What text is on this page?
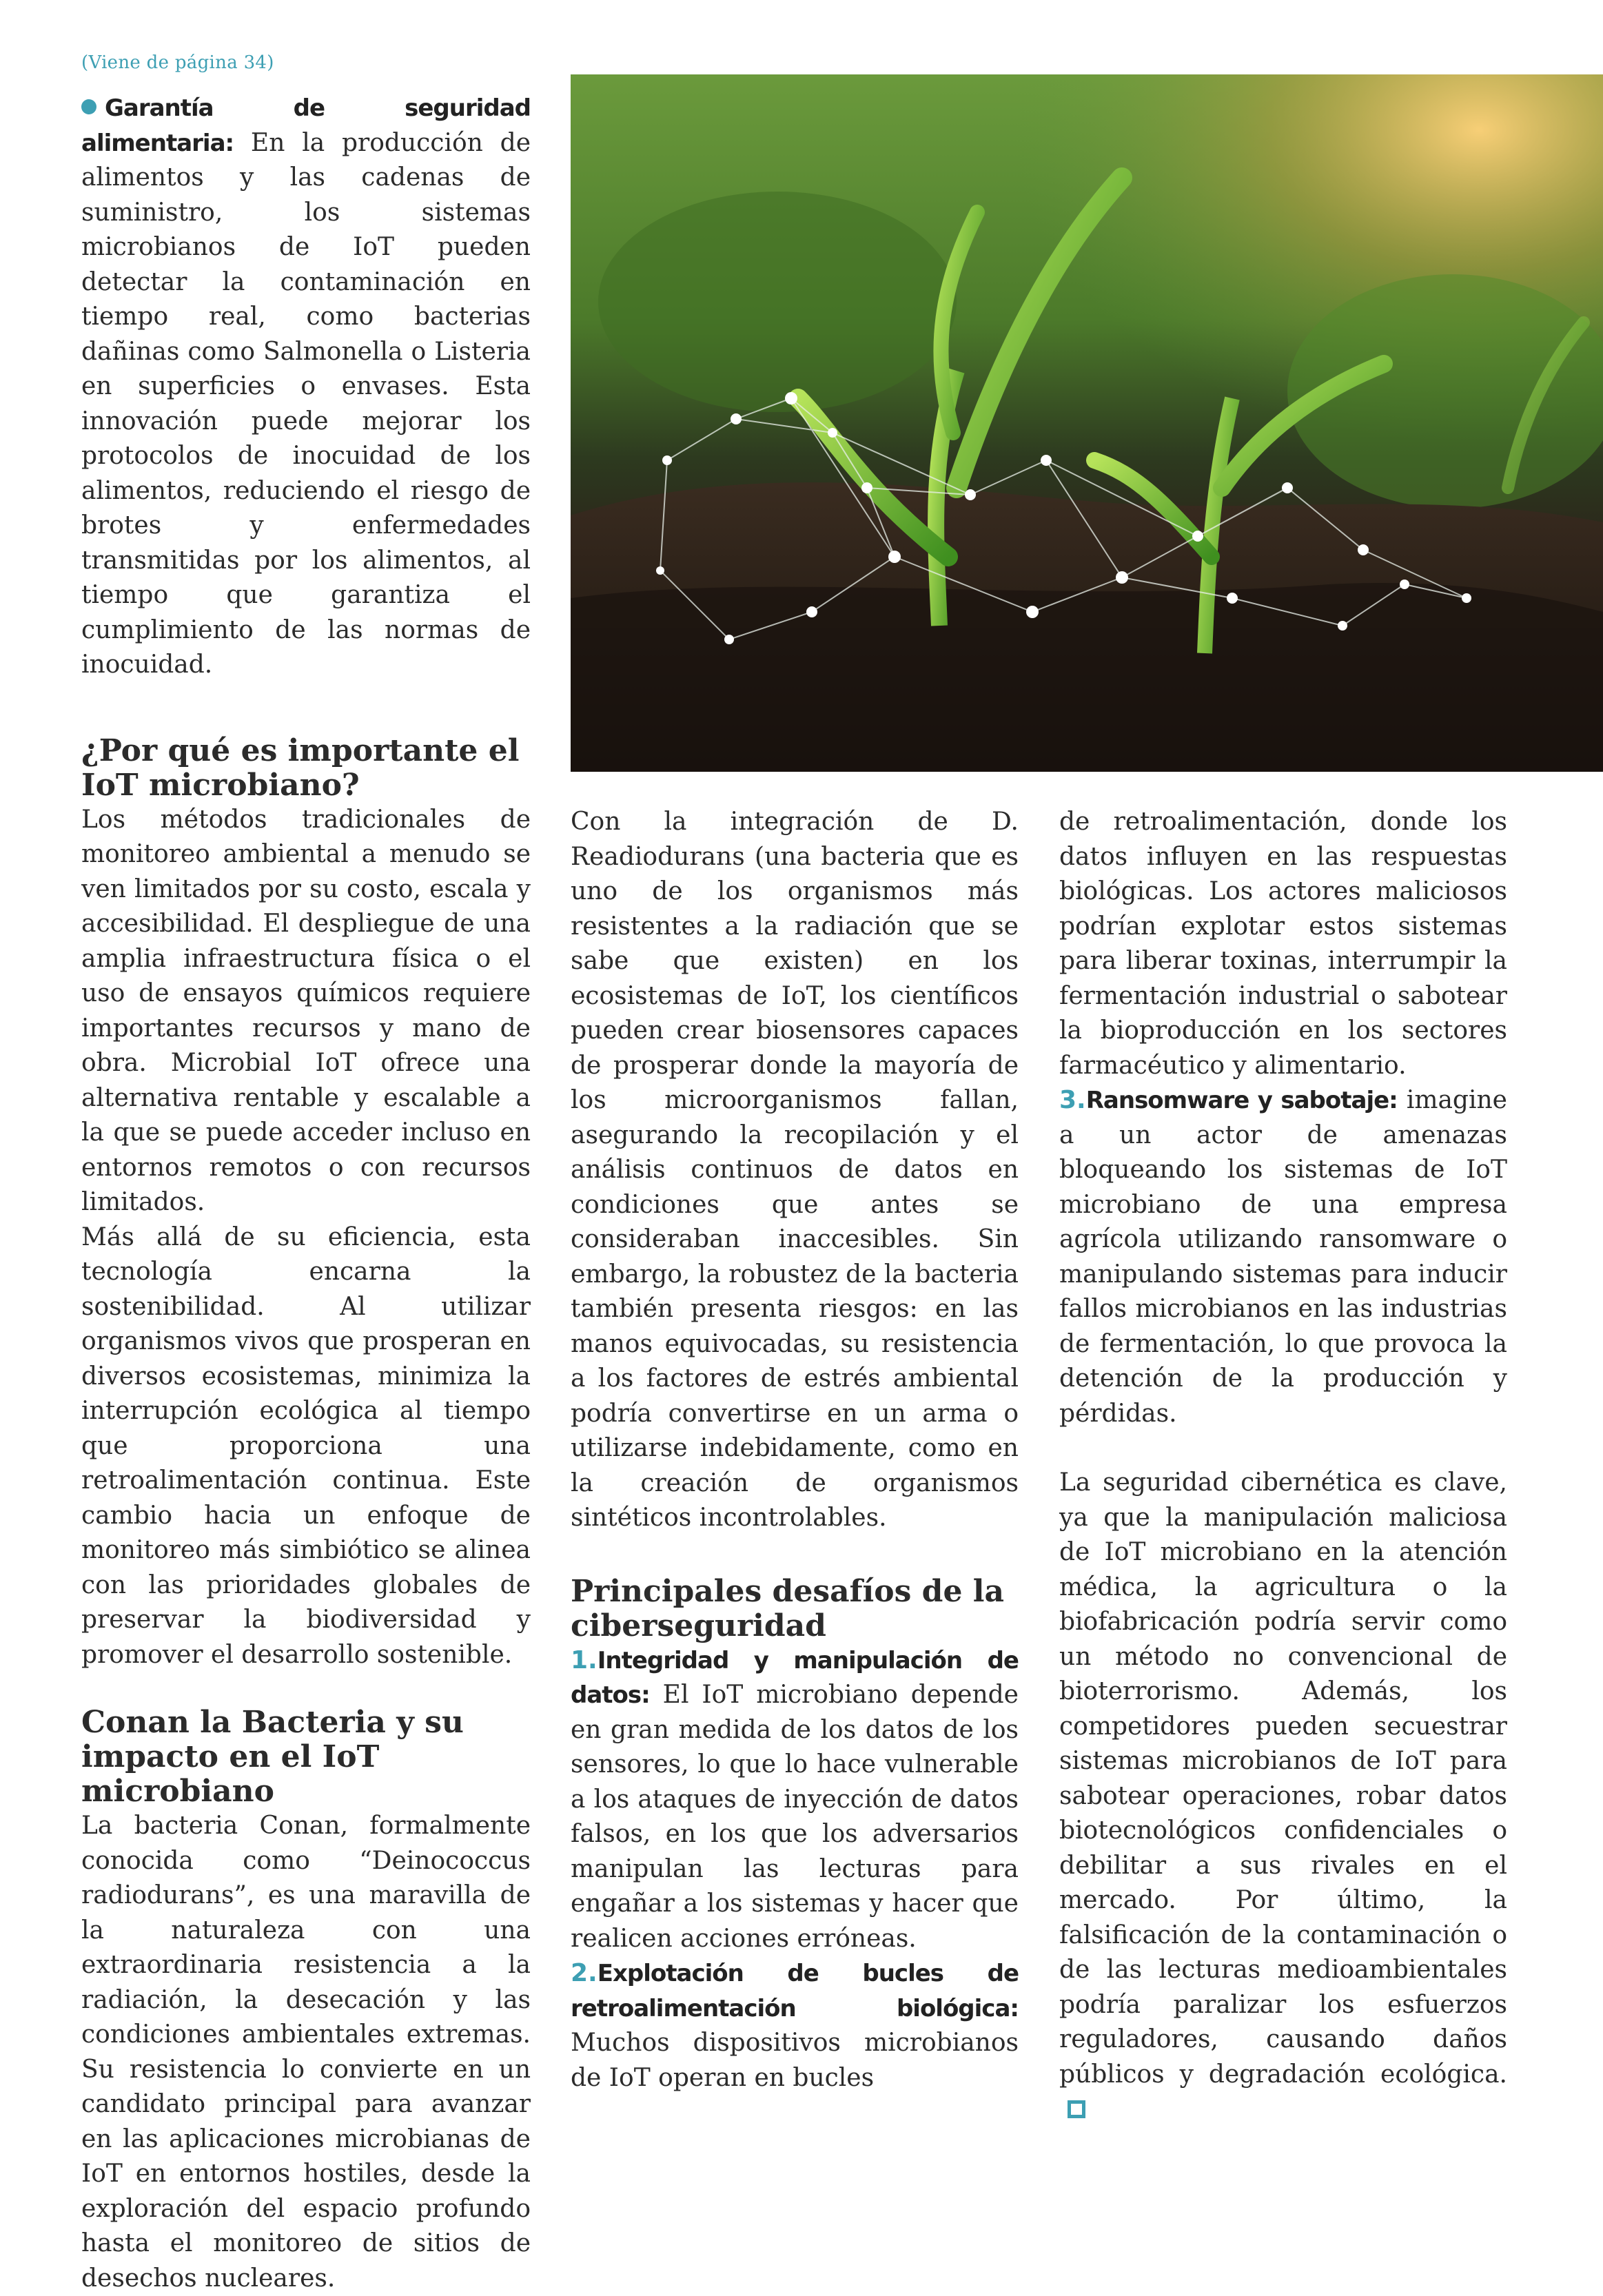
(Viene de página 34)

Garantía de seguridad alimentaria: En la producción de alimentos y las cadenas de suministro, los sistemas microbianos de IoT pueden detectar la contaminación en tiempo real, como bacterias dañinas como Salmonella o Listeria en superficies o envases. Esta innovación puede mejorar los protocolos de inocuidad de los alimentos, reduciendo el riesgo de brotes y enfermedades transmitidas por los alimentos, al tiempo que garantiza el cumplimiento de las normas de inocuidad.

¿Por qué es importante el IoT microbiano?

Los métodos tradicionales de monitoreo ambiental a menudo se ven limitados por su costo, escala y accesibilidad. El despliegue de una amplia infraestructura física o el uso de ensayos químicos requiere importantes recursos y mano de obra. Microbial IoT ofrece una alternativa rentable y escalable a la que se puede acceder incluso en entornos remotos o con recursos limitados.

Más allá de su eficiencia, esta tecnología encarna la sostenibilidad. Al utilizar organismos vivos que prosperan en diversos ecosistemas, minimiza la interrupción ecológica al tiempo que proporciona una retroalimentación continua. Este cambio hacia un enfoque de monitoreo más simbiótico se alinea con las prioridades globales de preservar la biodiversidad y promover el desarrollo sostenible.

Conan la Bacteria y su impacto en el IoT microbiano

La bacteria Conan, formalmente conocida como “Deinococcus radiodurans”, es una maravilla de la naturaleza con una extraordinaria resistencia a la radiación, la desecación y las condiciones ambientales extremas. Su resistencia lo convierte en un candidato principal para avanzar en las aplicaciones microbianas de IoT en entornos hostiles, desde la exploración del espacio profundo hasta el monitoreo de sitios de desechos nucleares.

Con la integración de D. Readiodurans (una bacteria que es uno de los organismos más resistentes a la radiación que se sabe que existen) en los ecosistemas de IoT, los científicos pueden crear biosensores capaces de prosperar donde la mayoría de los microorganismos fallan, asegurando la recopilación y el análisis continuos de datos en condiciones que antes se consideraban inaccesibles. Sin embargo, la robustez de la bacteria también presenta riesgos: en las manos equivocadas, su resistencia a los factores de estrés ambiental podría convertirse en un arma o utilizarse indebidamente, como en la creación de organismos sintéticos incontrolables.

Principales desafíos de la ciberseguridad

1.Integridad y manipulación de datos: El IoT microbiano depende en gran medida de los datos de los sensores, lo que lo hace vulnerable a los ataques de inyección de datos falsos, en los que los adversarios manipulan las lecturas para engañar a los sistemas y hacer que realicen acciones erróneas.

2.Explotación de bucles de retroalimentación biológica: Muchos dispositivos microbianos de IoT operan en bucles

de retroalimentación, donde los datos influyen en las respuestas biológicas. Los actores maliciosos podrían explotar estos sistemas para liberar toxinas, interrumpir la fermentación industrial o sabotear la bioproducción en los sectores farmacéutico y alimentario.

3.Ransomware y sabotaje: imagine a un actor de amenazas bloqueando los sistemas de IoT microbiano de una empresa agrícola utilizando ransomware o manipulando sistemas para inducir fallos microbianos en las industrias de fermentación, lo que provoca la detención de la producción y pérdidas.

La seguridad cibernética es clave, ya que la manipulación maliciosa de IoT microbiano en la atención médica, la agricultura o la biofabricación podría servir como un método no convencional de bioterrorismo. Además, los competidores pueden secuestrar sistemas microbianos de IoT para sabotear operaciones, robar datos biotecnológicos confidenciales o debilitar a sus rivales en el mercado. Por último, la falsificación de la contaminación o de las lecturas medioambientales podría paralizar los esfuerzos reguladores, causando daños públicos y degradación ecológica.
